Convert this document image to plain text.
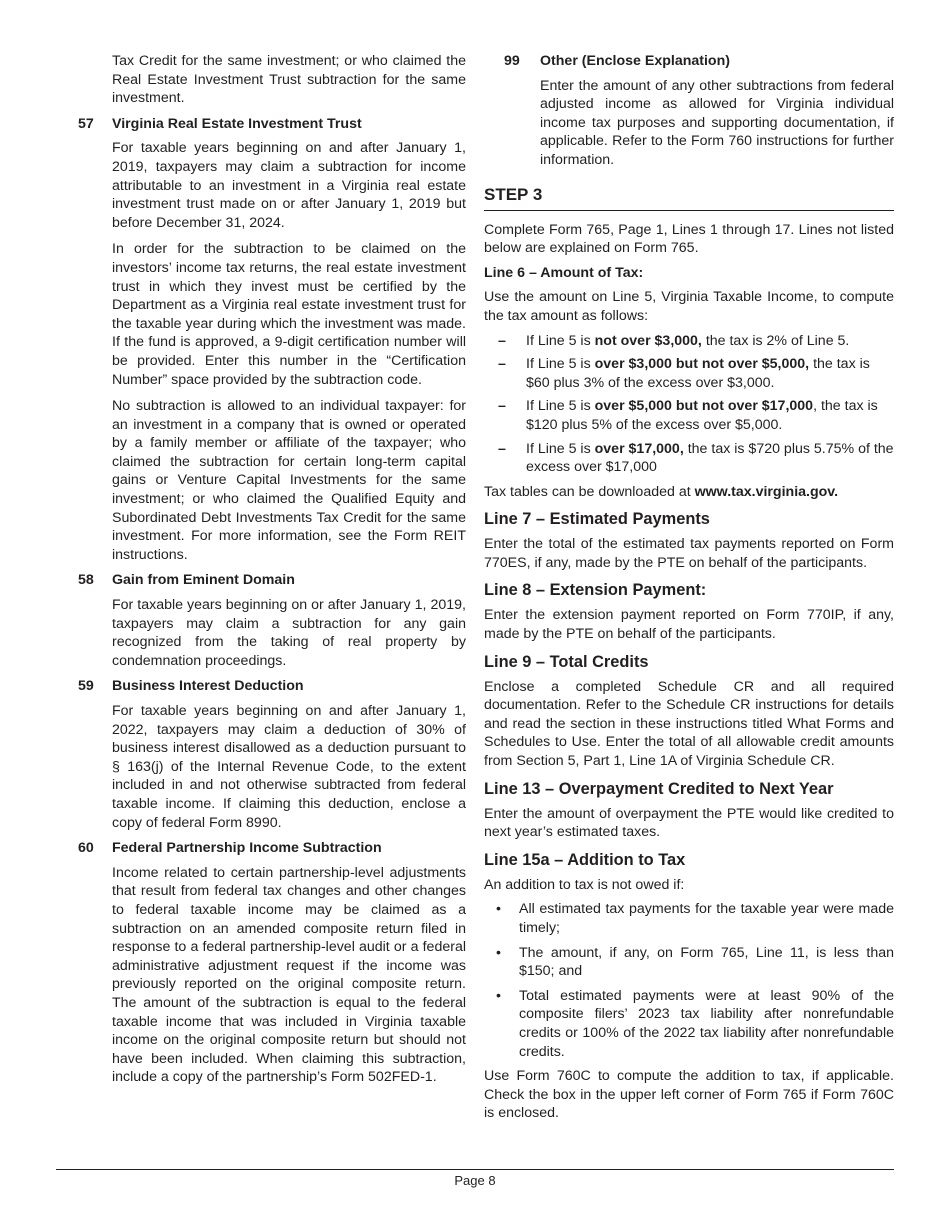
Tax Credit for the same investment; or who claimed the Real Estate Investment Trust subtraction for the same investment.

57	Virginia Real Estate Investment Trust

For taxable years beginning on and after January 1, 2019, taxpayers may claim a subtraction for income attributable to an investment in a Virginia real estate investment trust made on or after January 1, 2019 but before December 31, 2024.

In order for the subtraction to be claimed on the investors’ income tax returns, the real estate investment trust in which they invest must be certified by the Department as a Virginia real estate investment trust for the taxable year during which the investment was made. If the fund is approved, a 9-digit certification number will be provided. Enter this number in the “Certification Number” space provided by the subtraction code.

No subtraction is allowed to an individual taxpayer: for an investment in a company that is owned or operated by a family member or affiliate of the taxpayer; who claimed the subtraction for certain long-term capital gains or Venture Capital Investments for the same investment; or who claimed the Qualified Equity and Subordinated Debt Investments Tax Credit for the same investment. For more information, see the Form REIT instructions.

58	Gain from Eminent Domain

For taxable years beginning on or after January 1, 2019, taxpayers may claim a subtraction for any gain recognized from the taking of real property by condemnation proceedings.

59	Business Interest Deduction

For taxable years beginning on and after January 1, 2022, taxpayers may claim a deduction of 30% of business interest disallowed as a deduction pursuant to § 163(j) of the Internal Revenue Code, to the extent included in and not otherwise subtracted from federal taxable income. If claiming this deduction, enclose a copy of federal Form 8990.

60	Federal Partnership Income Subtraction

Income related to certain partnership-level adjustments that result from federal tax changes and other changes to federal taxable income may be claimed as a subtraction on an amended composite return filed in response to a federal partnership-level audit or a federal administrative adjustment request if the income was previously reported on the original composite return. The amount of the subtraction is equal to the federal taxable income that was included in Virginia taxable income on the original composite return but should not have been included. When claiming this subtraction, include a copy of the partnership’s Form 502FED-1.

99	Other (Enclose Explanation)

Enter the amount of any other subtractions from federal adjusted income as allowed for Virginia individual income tax purposes and supporting documentation, if applicable. Refer to the Form 760 instructions for further information.

STEP 3

Complete Form 765, Page 1, Lines 1 through 17. Lines not listed below are explained on Form 765.

Line 6 – Amount of Tax:

Use the amount on Line 5, Virginia Taxable Income, to compute the tax amount as follows:

–	If Line 5 is not over $3,000, the tax is 2% of Line 5.
–	If Line 5 is over $3,000 but not over $5,000, the tax is $60 plus 3% of the excess over $3,000.
–	If Line 5 is over $5,000 but not over $17,000, the tax is $120 plus 5% of the excess over $5,000.
–	If Line 5 is over $17,000, the tax is $720 plus 5.75% of the excess over $17,000

Tax tables can be downloaded at www.tax.virginia.gov.

Line 7 – Estimated Payments

Enter the total of the estimated tax payments reported on Form 770ES, if any, made by the PTE on behalf of the participants.

Line 8 – Extension Payment:

Enter the extension payment reported on Form 770IP, if any, made by the PTE on behalf of the participants.

Line 9 – Total Credits

Enclose a completed Schedule CR and all required documentation. Refer to the Schedule CR instructions for details and read the section in these instructions titled What Forms and Schedules to Use. Enter the total of all allowable credit amounts from Section 5, Part 1, Line 1A of Virginia Schedule CR.

Line 13 – Overpayment Credited to Next Year

Enter the amount of overpayment the PTE would like credited to next year’s estimated taxes.

Line 15a – Addition to Tax

An addition to tax is not owed if:

•	All estimated tax payments for the taxable year were made timely;
•	The amount, if any, on Form 765, Line 11, is less than $150; and
•	Total estimated payments were at least 90% of the composite filers’ 2023 tax liability after nonrefundable credits or 100% of the 2022 tax liability after nonrefundable credits.

Use Form 760C to compute the addition to tax, if applicable. Check the box in the upper left corner of Form 765 if Form 760C is enclosed.

Page 8
